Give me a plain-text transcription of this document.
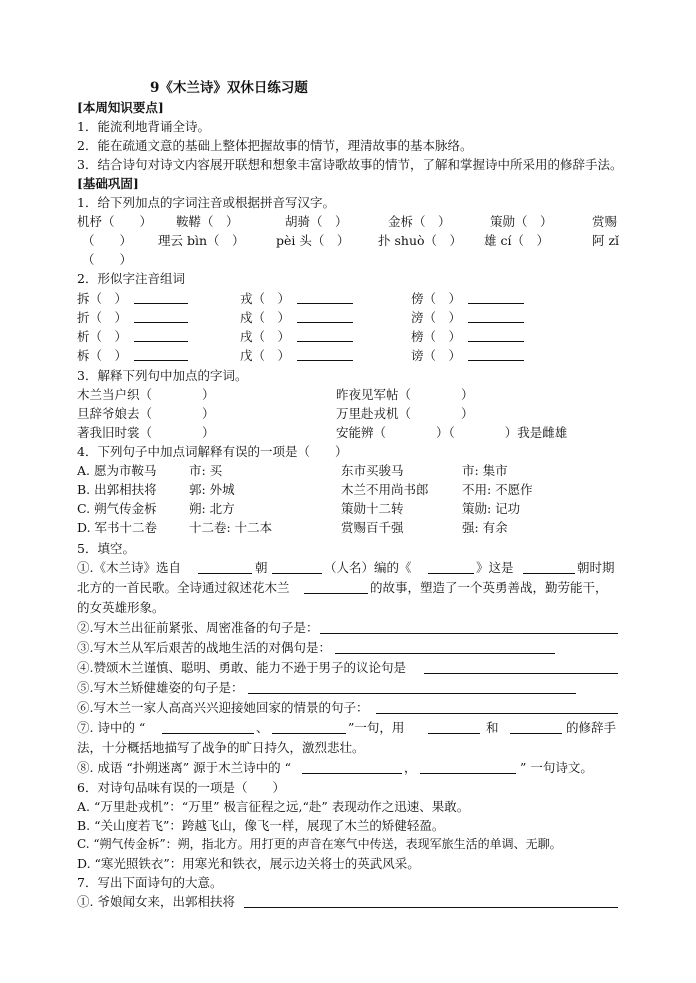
9《木兰诗》双休日练习题
[本周知识要点]
1．能流利地背诵全诗。
2．能在疏通文意的基础上整体把握故事的情节，理清故事的基本脉络。
3．结合诗句对诗文内容展开联想和想象丰富诗歌故事的情节，了解和掌握诗中所采用的修辞手法。
[基础巩固]
1．给下列加点的字词注音或根据拼音写汉字。
机杼（　　） 鞍鞯（　）	胡骑（　）	金柝（　）	策勋（　）	赏赐
（　　） 理云 bìn（　）	pèi 头（　） 扑 shuò（　） 雄 cí（　）	阿 zǐ
（　　）
2．形似字注音组词
拆（　）	戎（　）	傍（　）
折（　）	戍（　）	滂（　）
析（　）	戌（　）	榜（　）
柝（　）	戊（　）	谤（　）
3．解释下列句中加点的字词。
木兰当户织（　　　　）	昨夜见军帖（　　　　）
旦辞爷娘去（　　　　）	万里赴戎机（　　　　）
著我旧时裳（　　　　）	安能辨（　　　　）（　　　　）我是雌雄
4．下列句子中加点词解释有误的一项是（　　）
A. 愿为市鞍马	市: 买	东市买骏马	市: 集市
B. 出郭相扶将	郭: 外城	木兰不用尚书郎	不用: 不愿作
C. 朔气传金柝	朔: 北方	策勋十二转	策勋: 记功
D. 军书十二卷	十二卷: 十二本	赏赐百千强	强: 有余
5．填空。
①.《木兰诗》选自	朝	（人名）编的《	》这是	朝时期
北方的一首民歌。全诗通过叙述花木兰	的故事，塑造了一个英勇善战，勤劳能干，
的女英雄形象。
②.写木兰出征前紧张、周密准备的句子是：
③.写木兰从军后艰苦的战地生活的对偶句是：
④.赞颂木兰谨慎、聪明、勇敢、能力不逊于男子的议论句是
⑤.写木兰矫健雄姿的句子是：
⑥.写木兰一家人高高兴兴迎接她回家的情景的句子：
⑦. 诗中的 “	、	”一句，用	和	的修辞手
法，十分概括地描写了战争的旷日持久，激烈悲壮。
⑧. 成语 “扑朔迷离” 源于木兰诗中的 “	，	” 一句诗文。
6．对诗句品味有误的一项是（　　）
A. “万里赴戎机”：“万里” 极言征程之远,“赴” 表现动作之迅速、果敢。
B. “关山度若飞”：跨越飞山，像飞一样，展现了木兰的矫健轻盈。
C. “朔气传金柝”：朔，指北方。用打更的声音在寒气中传送，表现军旅生活的单调、无聊。
D. “寒光照铁衣”：用寒光和铁衣，展示边关将士的英武风采。
7．写出下面诗句的大意。
①. 爷娘闻女来，出郭相扶将
